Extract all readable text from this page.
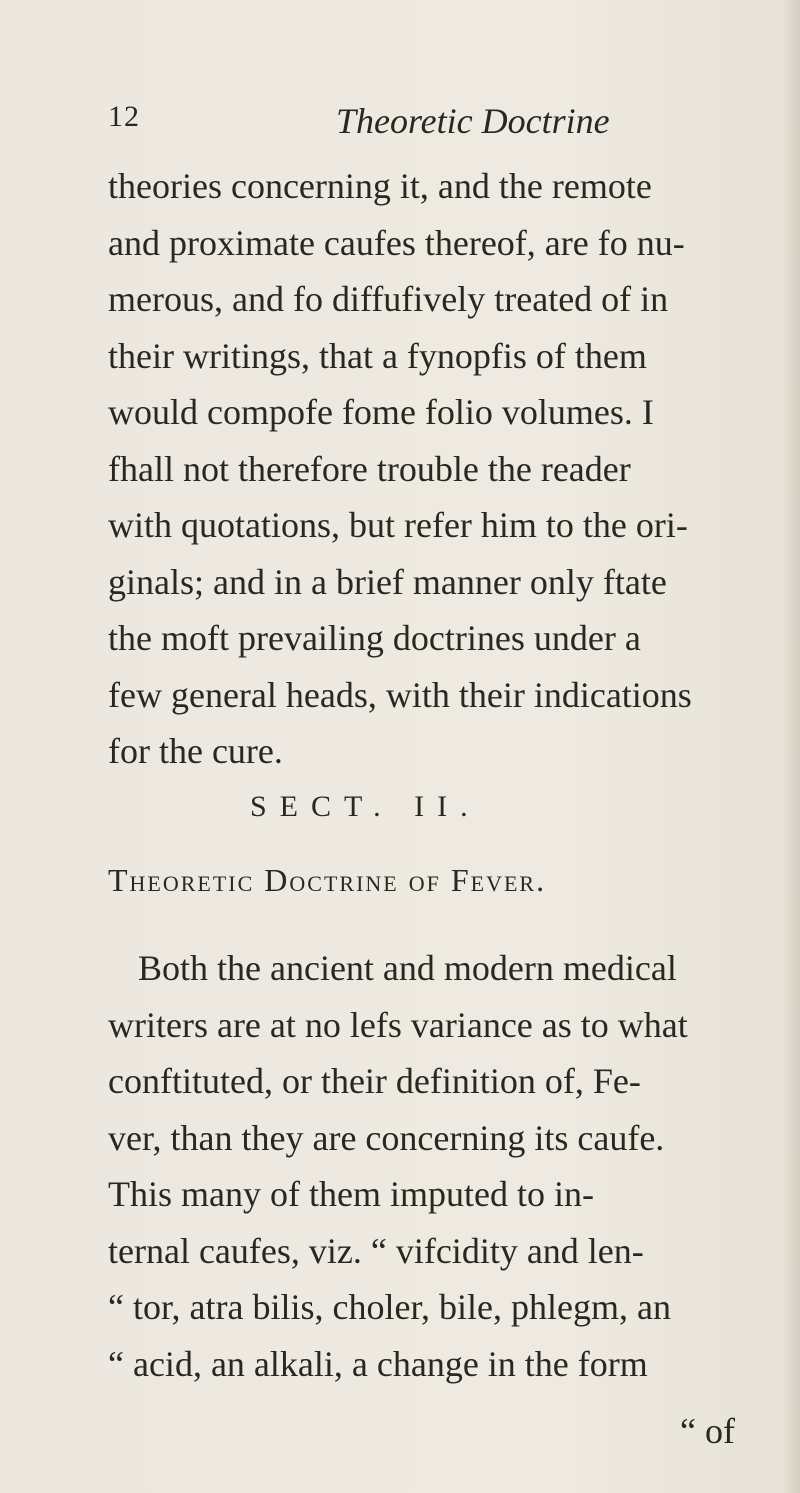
12	Theoretic Doctrine
theories concerning it, and the remote
and proximate caufes thereof, are fo nu-
merous, and fo diffufively treated of in
their writings, that a fynopfis of them
would compofe fome folio volumes. I
fhall not therefore trouble the reader
with quotations, but refer him to the ori-
ginals; and in a brief manner only ftate
the moft prevailing doctrines under a
few general heads, with their indications
for the cure.
SECT. II.
Theoretic Doctrine of Fever.
Both the ancient and modern medical
writers are at no lefs variance as to what
conftituted, or their definition of, Fe-
ver, than they are concerning its caufe.
This many of them imputed to in-
ternal caufes, viz. “ vifcidity and len-
“ tor, atra bilis, choler, bile, phlegm, an
“ acid, an alkali, a change in the form
“ of
